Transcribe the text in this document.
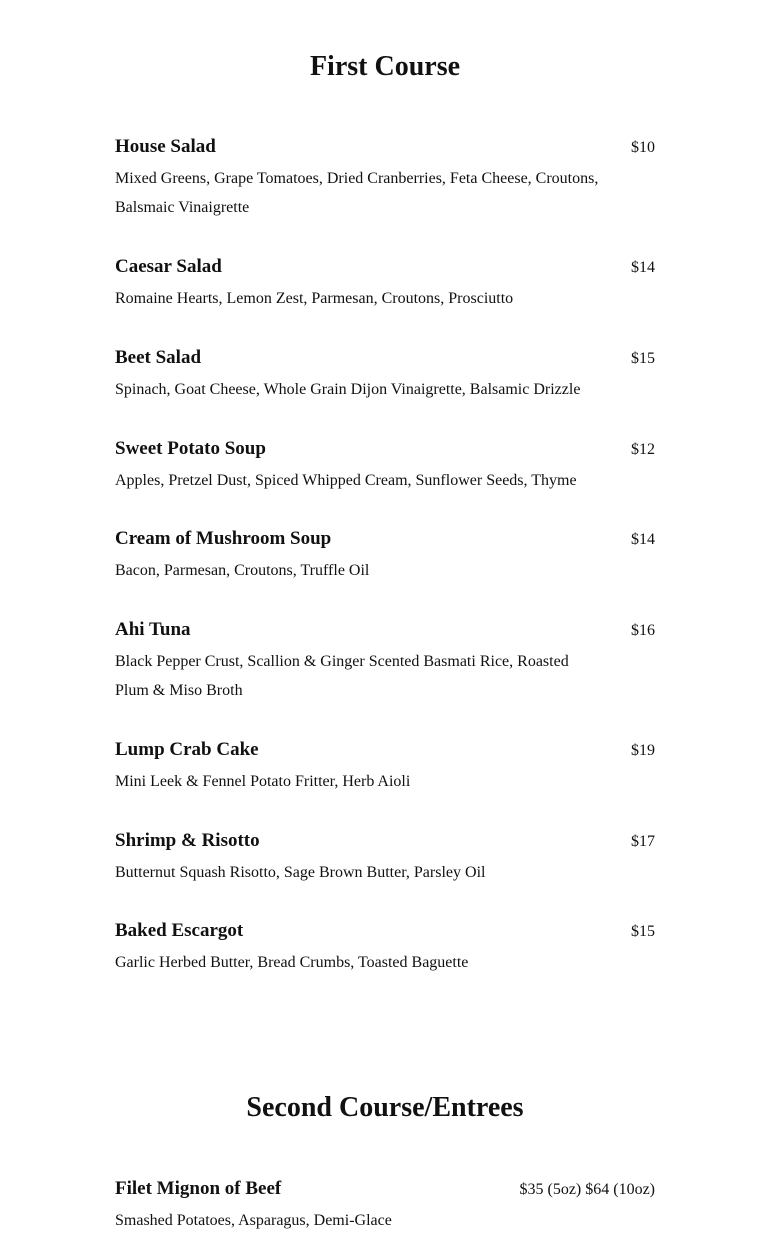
First Course
House Salad	$10
Mixed Greens, Grape Tomatoes, Dried Cranberries, Feta Cheese, Croutons, Balsmaic Vinaigrette
Caesar Salad	$14
Romaine Hearts, Lemon Zest, Parmesan, Croutons, Prosciutto
Beet Salad	$15
Spinach, Goat Cheese, Whole Grain Dijon Vinaigrette, Balsamic Drizzle
Sweet Potato Soup	$12
Apples, Pretzel Dust, Spiced Whipped Cream, Sunflower Seeds, Thyme
Cream of Mushroom Soup	$14
Bacon, Parmesan, Croutons, Truffle Oil
Ahi Tuna	$16
Black Pepper Crust, Scallion & Ginger Scented Basmati Rice, Roasted Plum & Miso Broth
Lump Crab Cake	$19
Mini Leek & Fennel Potato Fritter, Herb Aioli
Shrimp & Risotto	$17
Butternut Squash Risotto, Sage Brown Butter, Parsley Oil
Baked Escargot	$15
Garlic Herbed Butter, Bread Crumbs, Toasted Baguette
Second Course/Entrees
Filet Mignon of Beef	$35 (5oz) $64 (10oz)
Smashed Potatoes, Asparagus, Demi-Glace
